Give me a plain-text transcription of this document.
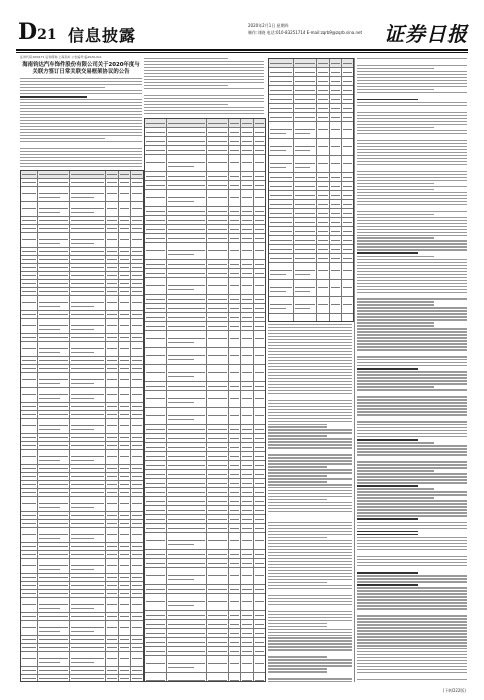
D21 信息披露
2020年2月1日 星期四
制作:刘晓 电话:010-83251714 E-mail:zqrb9@zqrb.sina.net 证券日报
证券代码:600171 证券简称:上海贝岭 公告编号:临2020-011
海南钧达汽车饰件股份有限公司关于2020年度与关联方签订日常关联交易框架协议的公告
(下转D22版)
